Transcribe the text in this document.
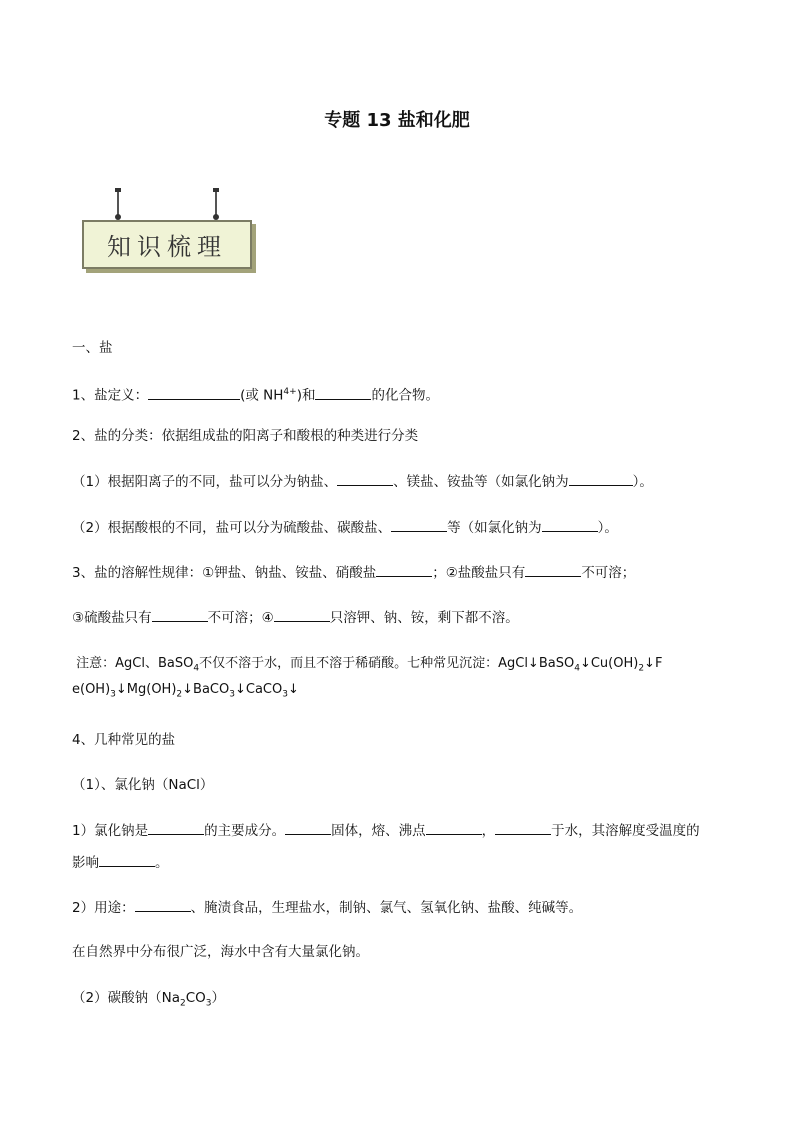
专题 13 盐和化肥
知识梳理
一、盐
1、盐定义：	(或 $NH^{4+}$)和	的化合物。
2、盐的分类：依据组成盐的阳离子和酸根的种类进行分类
（1）根据阳离子的不同，盐可以分为钠盐、	、镁盐、铵盐等（如氯化钠为	）。
（2）根据酸根的不同，盐可以分为硫酸盐、碳酸盐、	等（如氯化钠为	）。
3、盐的溶解性规律：①钾盐、钠盐、铵盐、硝酸盐	；②盐酸盐只有	不可溶；
③硫酸盐只有	不可溶；④	只溶钾、钠、铵，剩下都不溶。
注意：AgCl、BaSO$_4$不仅不溶于水，而且不溶于稀硝酸。七种常见沉淀：$AgCl↓BaSO_4↓Cu(OH)_2↓F$
$e(OH)_3↓Mg(OH)_2↓BaCO_3↓CaCO_3↓$
4、几种常见的盐
（1）、氯化钠（NaCl）
1）氯化钠是	的主要成分。	固体，熔、沸点	，	于水，其溶解度受温度的
影响	。
2）用途：	、腌渍食品，生理盐水，制钠、氯气、氢氧化钠、盐酸、纯碱等。
在自然界中分布很广泛，海水中含有大量氯化钠。
（2）碳酸钠$(Na_2CO_3)$
